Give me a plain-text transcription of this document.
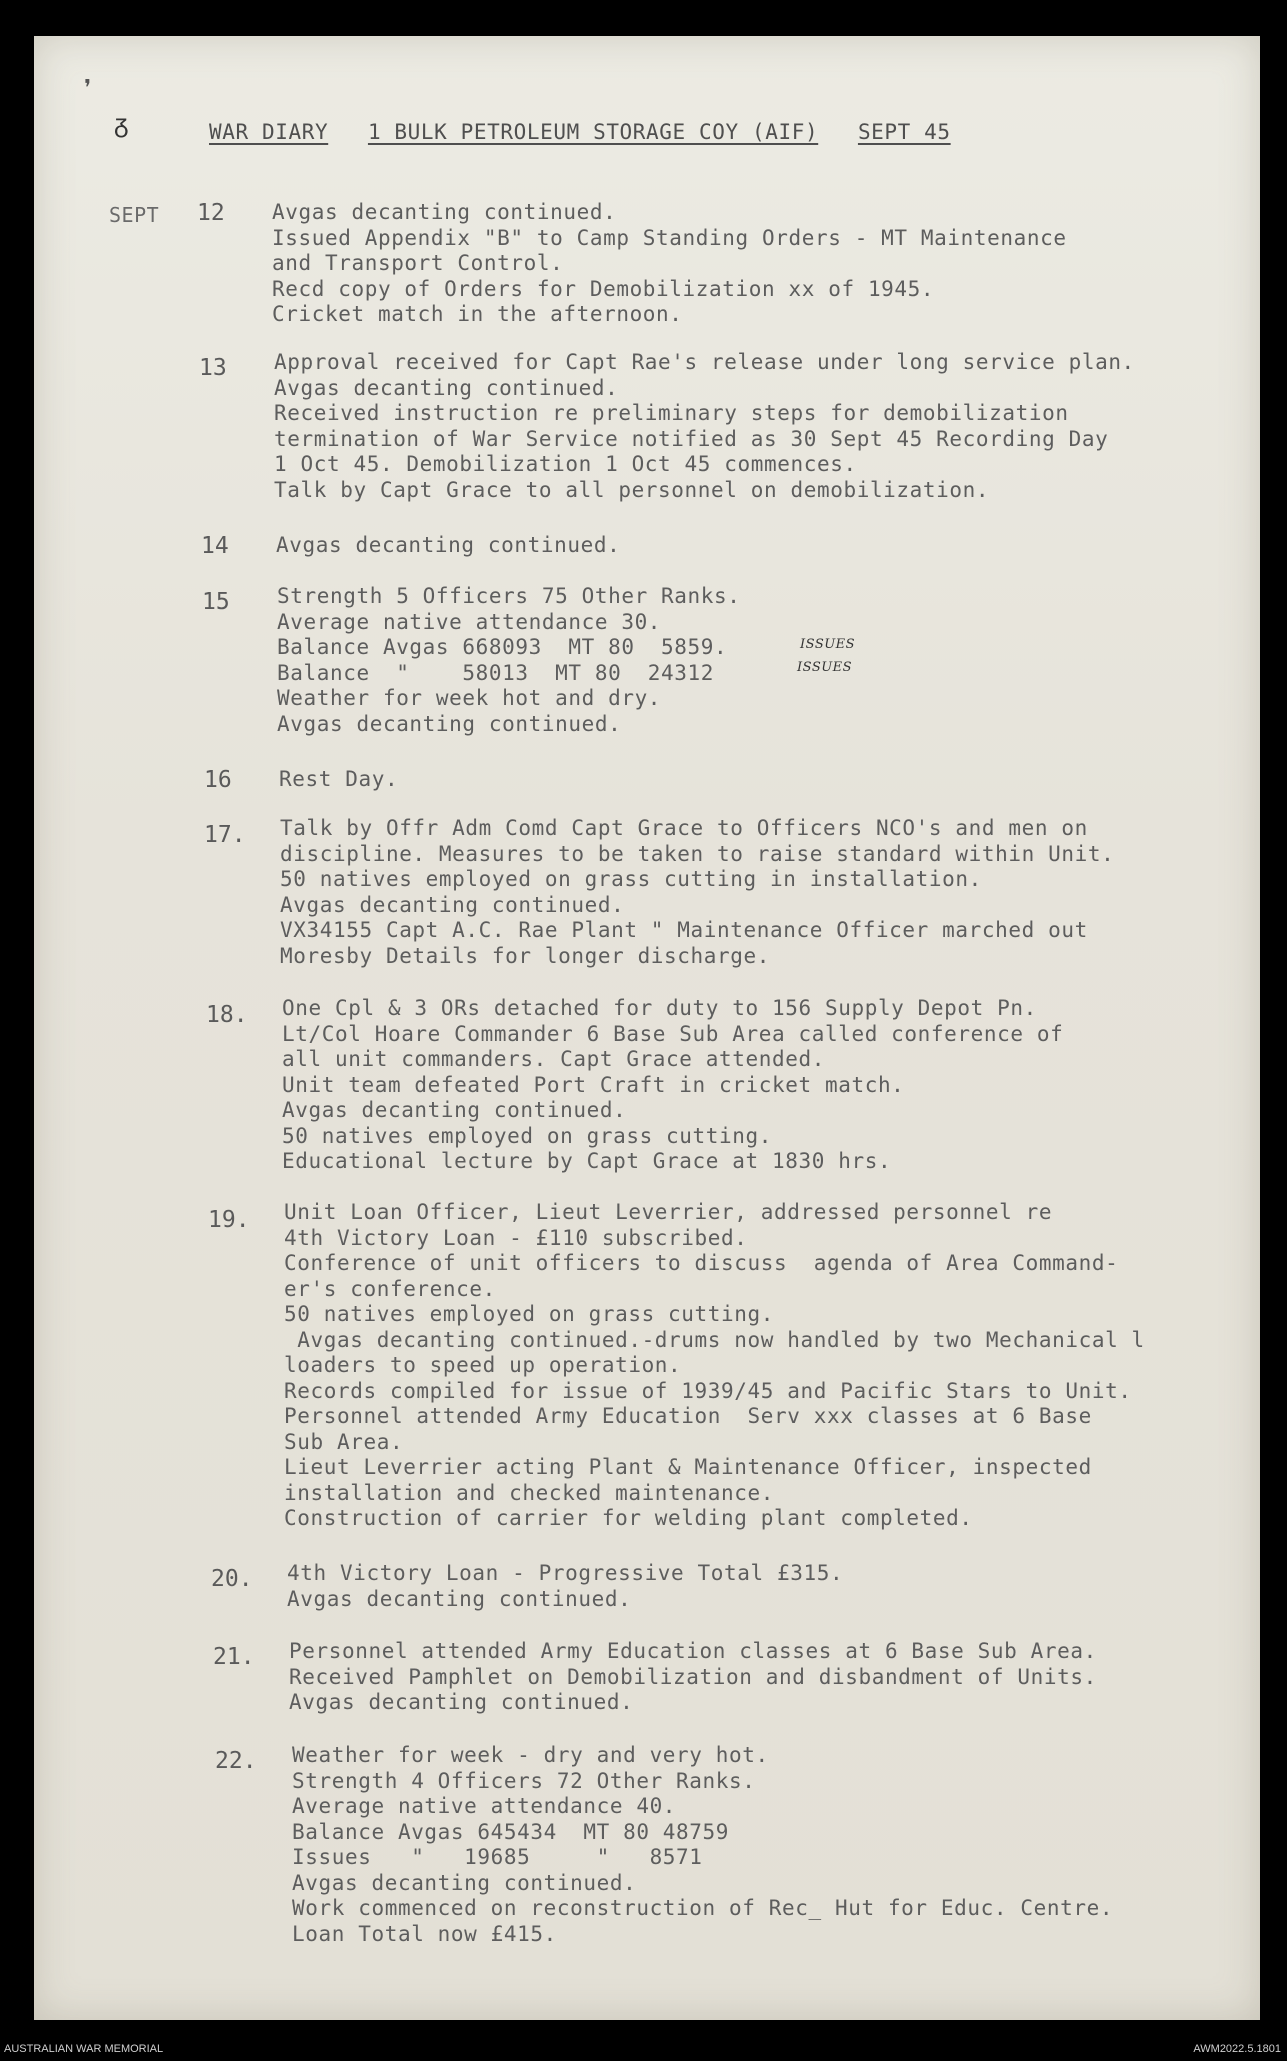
❜
ᵹ	WAR DIARY 1 BULK PETROLEUM STORAGE COY (AIF) SEPT 45
SEPT 12	Avgas decanting continued.
Issued Appendix "B" to Camp Standing Orders - MT Maintenance
and Transport Control.
Recd copy of Orders for Demobilization xx of 1945.
Cricket match in the afternoon.
13	Approval received for Capt Rae's release under long service plan.
Avgas decanting continued.
Received instruction re preliminary steps for demobilization
termination of War Service notified as 30 Sept 45 Recording Day
1 Oct 45. Demobilization 1 Oct 45 commences.
Talk by Capt Grace to all personnel on demobilization.
14	Avgas decanting continued.
15	Strength 5 Officers 75 Other Ranks.
Average native attendance 30.
Balance Avgas 668093  MT 80  5859.
Balance  "    58013  MT 80  24312
Weather for week hot and dry.
Avgas decanting continued.
ISSUES
ISSUES
16	Rest Day.
17.	Talk by Offr Adm Comd Capt Grace to Officers NCO's and men on
discipline. Measures to be taken to raise standard within Unit.
50 natives employed on grass cutting in installation.
Avgas decanting continued.
VX34155 Capt A.C. Rae Plant " Maintenance Officer marched out
Moresby Details for longer discharge.
18.	One Cpl & 3 ORs detached for duty to 156 Supply Depot Pn.
Lt/Col Hoare Commander 6 Base Sub Area called conference of
all unit commanders. Capt Grace attended.
Unit team defeated Port Craft in cricket match.
Avgas decanting continued.
50 natives employed on grass cutting.
Educational lecture by Capt Grace at 1830 hrs.
19.	Unit Loan Officer, Lieut Leverrier, addressed personnel re
4th Victory Loan - £110 subscribed.
Conference of unit officers to discuss  agenda of Area Command-
er's conference.
50 natives employed on grass cutting.
Avgas decanting continued.-drums now handled by two Mechanical l
loaders to speed up operation.
Records compiled for issue of 1939/45 and Pacific Stars to Unit.
Personnel attended Army Education  Serv xxx classes at 6 Base
Sub Area.
Lieut Leverrier acting Plant & Maintenance Officer, inspected
installation and checked maintenance.
Construction of carrier for welding plant completed.
20.	4th Victory Loan - Progressive Total £315.
Avgas decanting continued.
21.	Personnel attended Army Education classes at 6 Base Sub Area.
Received Pamphlet on Demobilization and disbandment of Units.
Avgas decanting continued.
22.	Weather for week - dry and very hot.
Strength 4 Officers 72 Other Ranks.
Average native attendance 40.
Balance Avgas 645434  MT 80 48759
Issues   "   19685     "   8571
Avgas decanting continued.
Work commenced on reconstruction of Rec_ Hut for Educ. Centre.
Loan Total now £415.
AUSTRALIAN WAR MEMORIAL	AWM2022.5.1801
